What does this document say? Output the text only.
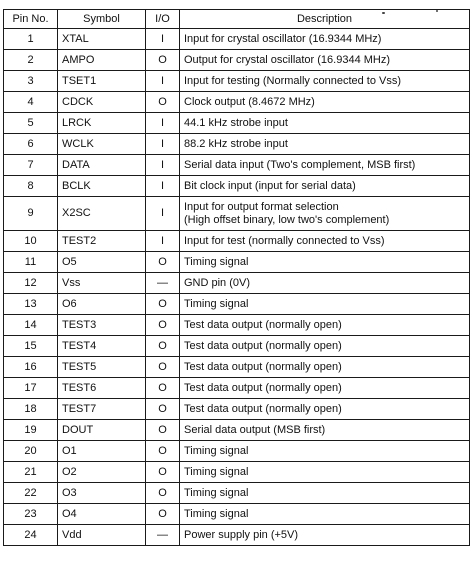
Pin No.	Symbol	I/O	Description
1	XTAL	I	Input for crystal oscillator (16.9344 MHz)

2	AMPO	O	Output for crystal oscillator (16.9344 MHz)

3	TSET1	I	Input for testing (Normally connected to Vss)

4	CDCK	O	Clock output (8.4672 MHz)

5	LRCK	I	44.1 kHz strobe input

6	WCLK	I	88.2 kHz strobe input

7	DATA	I	Serial data input (Two's complement, MSB first)

8	BCLK	I	Bit clock input (input for serial data)

9	X2SC	I	Input for output format selection
(High offset binary, low two's complement)

10	TEST2	I	Input for test (normally connected to Vss)

11	O5	O	Timing signal

12	Vss	—	GND pin (0V)

13	O6	O	Timing signal

14	TEST3	O	Test data output (normally open)

15	TEST4	O	Test data output (normally open)

16	TEST5	O	Test data output (normally open)

17	TEST6	O	Test data output (normally open)

18	TEST7	O	Test data output (normally open)

19	DOUT	O	Serial data output (MSB first)

20	O1	O	Timing signal

21	O2	O	Timing signal

22	O3	O	Timing signal

23	O4	O	Timing signal

24	Vdd	—	Power supply pin (+5V)
